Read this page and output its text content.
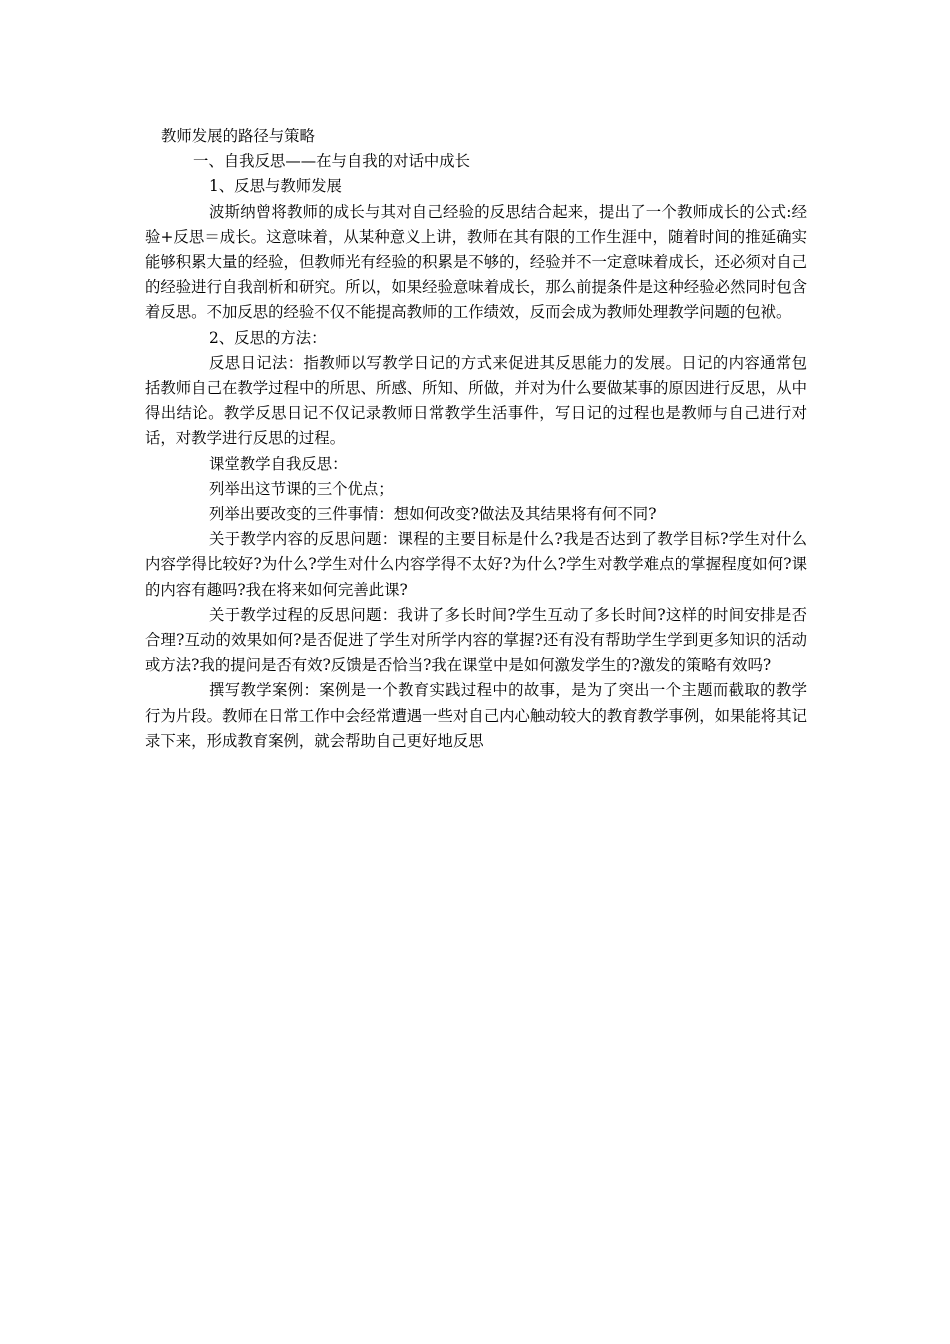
教师发展的路径与策略

一、自我反思——在与自我的对话中成长

1、反思与教师发展

波斯纳曾将教师的成长与其对自己经验的反思结合起来，提出了一个教师成长的公式:经验+反思＝成长。这意味着，从某种意义上讲，教师在其有限的工作生涯中，随着时间的推延确实能够积累大量的经验，但教师光有经验的积累是不够的，经验并不一定意味着成长，还必须对自己的经验进行自我剖析和研究。所以，如果经验意味着成长，那么前提条件是这种经验必然同时包含着反思。不加反思的经验不仅不能提高教师的工作绩效，反而会成为教师处理教学问题的包袱。

2、反思的方法：

反思日记法：指教师以写教学日记的方式来促进其反思能力的发展。日记的内容通常包括教师自己在教学过程中的所思、所感、所知、所做，并对为什么要做某事的原因进行反思，从中得出结论。教学反思日记不仅记录教师日常教学生活事件，写日记的过程也是教师与自己进行对话，对教学进行反思的过程。

课堂教学自我反思：

列举出这节课的三个优点；

列举出要改变的三件事情：想如何改变?做法及其结果将有何不同?

关于教学内容的反思问题：课程的主要目标是什么?我是否达到了教学目标?学生对什么内容学得比较好?为什么?学生对什么内容学得不太好?为什么?学生对教学难点的掌握程度如何?课的内容有趣吗?我在将来如何完善此课?

关于教学过程的反思问题：我讲了多长时间?学生互动了多长时间?这样的时间安排是否合理?互动的效果如何?是否促进了学生对所学内容的掌握?还有没有帮助学生学到更多知识的活动或方法?我的提问是否有效?反馈是否恰当?我在课堂中是如何激发学生的?激发的策略有效吗?

撰写教学案例：案例是一个教育实践过程中的故事，是为了突出一个主题而截取的教学行为片段。教师在日常工作中会经常遭遇一些对自己内心触动较大的教育教学事例，如果能将其记录下来，形成教育案例，就会帮助自己更好地反思
